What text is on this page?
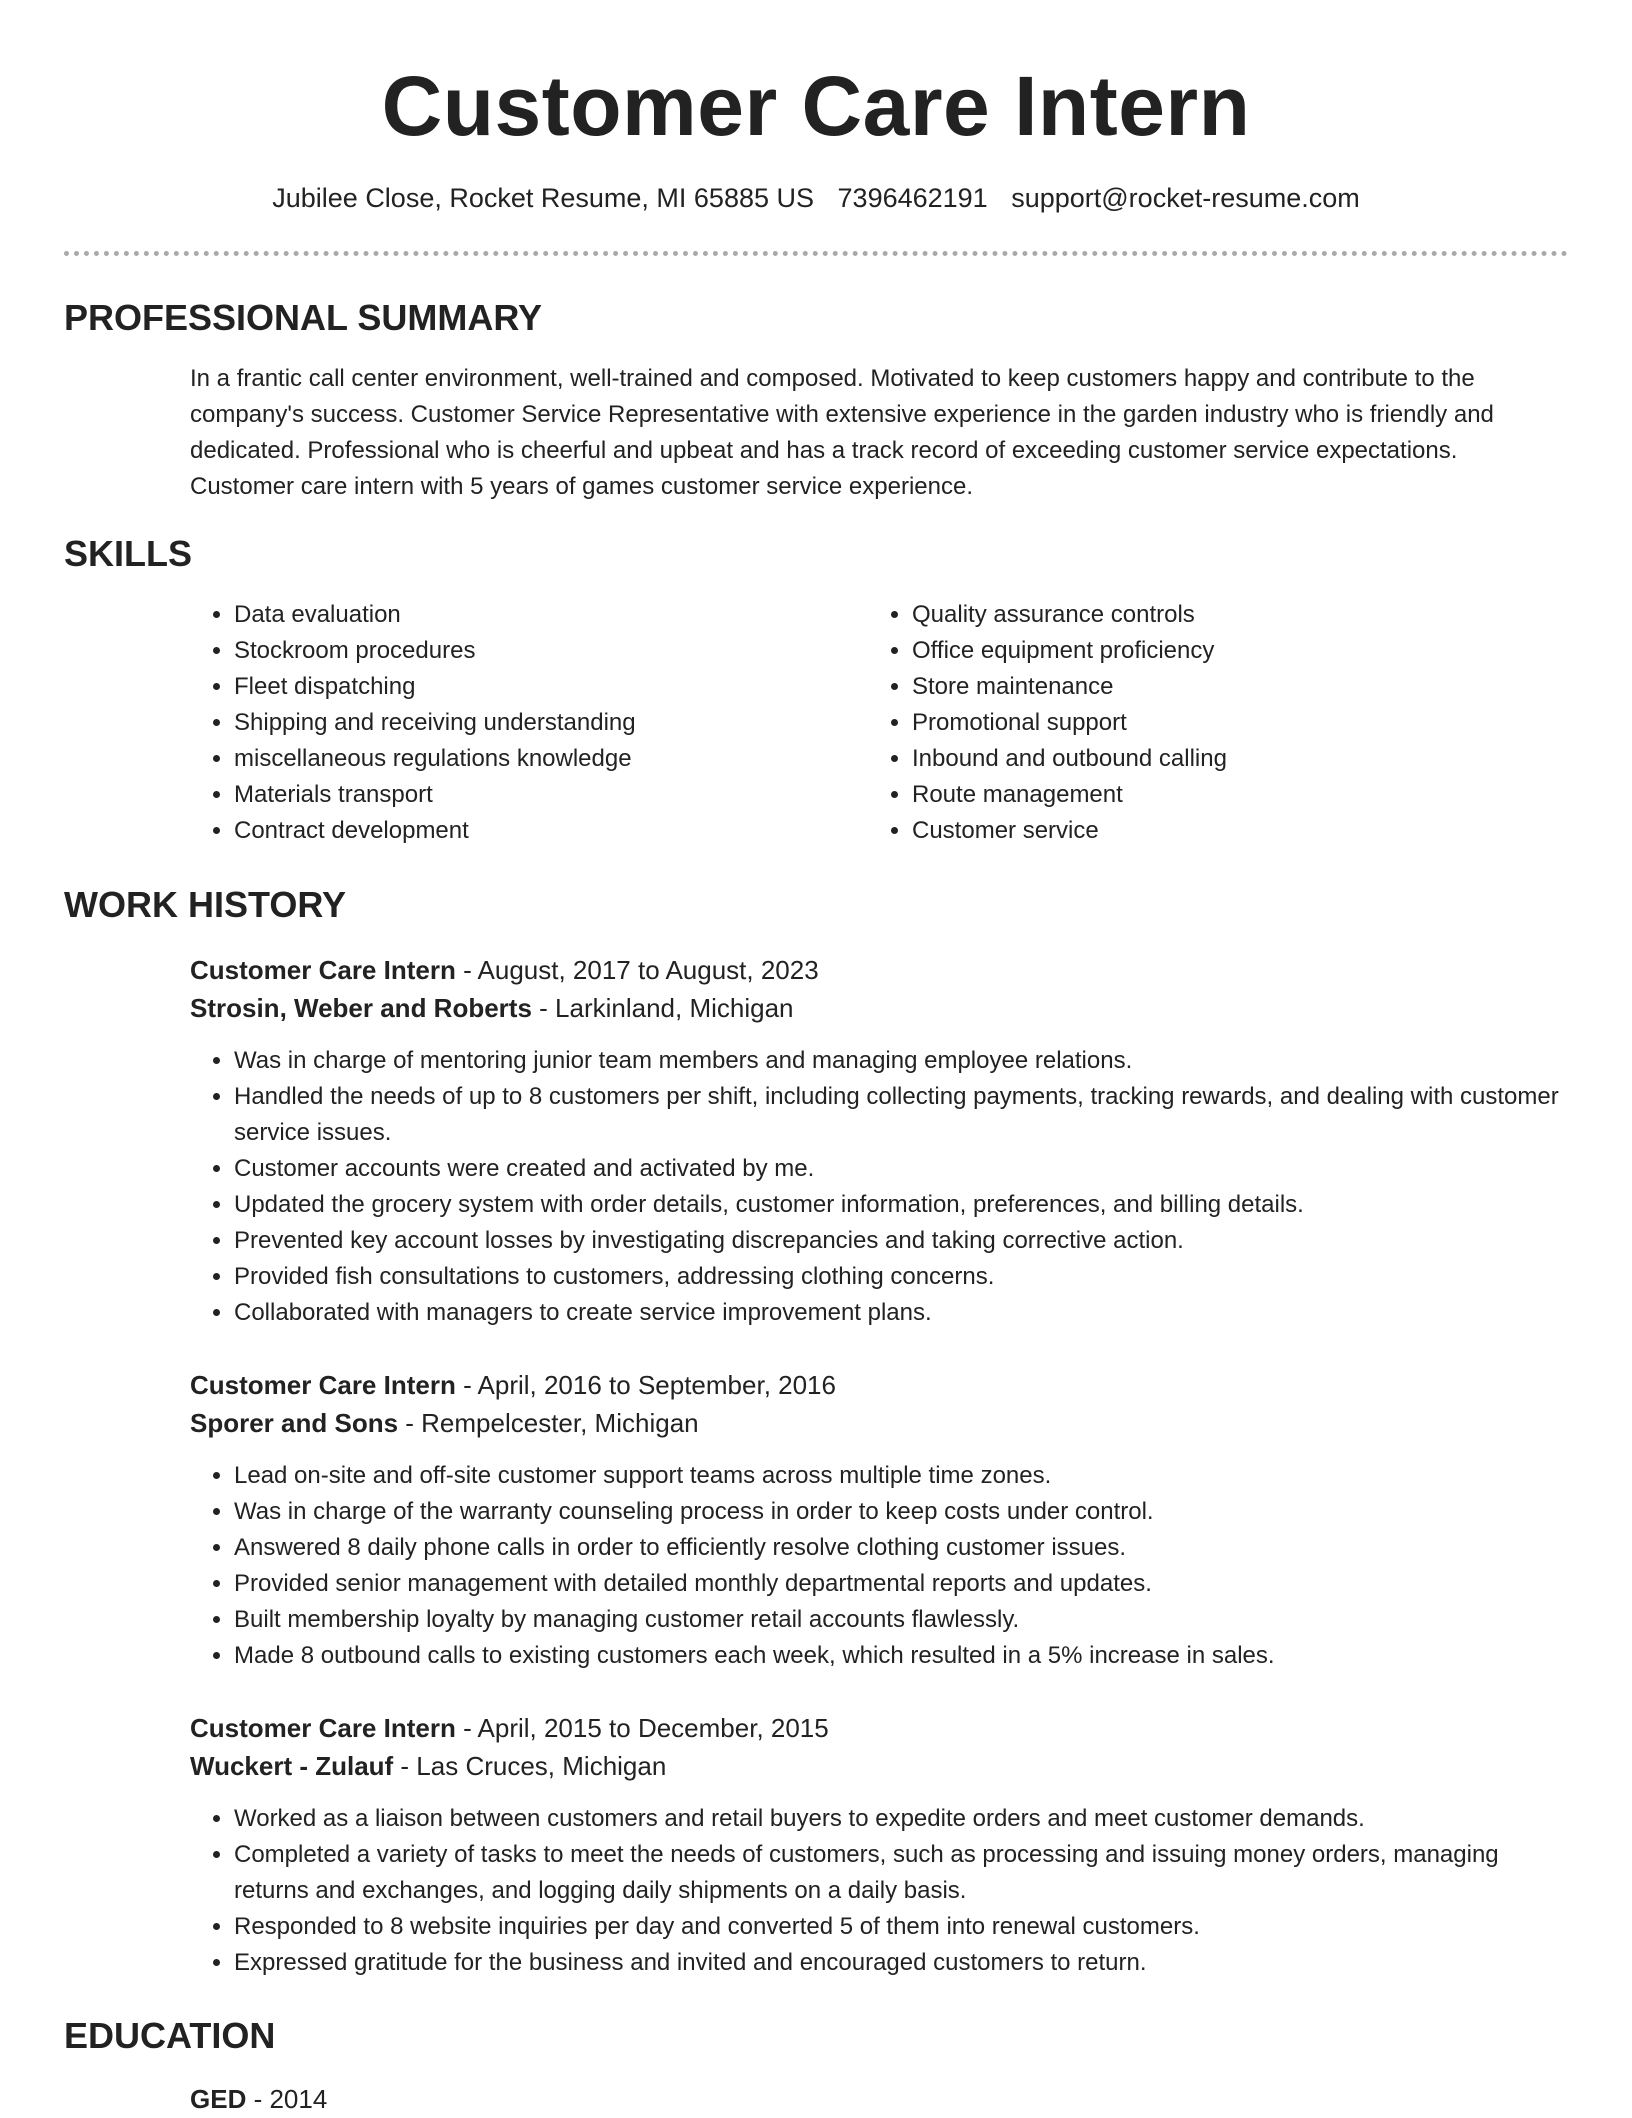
Customer Care Intern
Jubilee Close, Rocket Resume, MI 65885 US 7396462191 support@rocket-resume.com
PROFESSIONAL SUMMARY

In a frantic call center environment, well-trained and composed. Motivated to keep customers happy and contribute to the company's success. Customer Service Representative with extensive experience in the garden industry who is friendly and dedicated. Professional who is cheerful and upbeat and has a track record of exceeding customer service expectations. Customer care intern with 5 years of games customer service experience.

SKILLS
• Data evaluation
• Stockroom procedures
• Fleet dispatching
• Shipping and receiving understanding
• miscellaneous regulations knowledge
• Materials transport
• Contract development
• Quality assurance controls
• Office equipment proficiency
• Store maintenance
• Promotional support
• Inbound and outbound calling
• Route management
• Customer service
WORK HISTORY
Customer Care Intern - August, 2017 to August, 2023
Strosin, Weber and Roberts - Larkinland, Michigan
• Was in charge of mentoring junior team members and managing employee relations.
• Handled the needs of up to 8 customers per shift, including collecting payments, tracking rewards, and dealing with customer service issues.
• Customer accounts were created and activated by me.
• Updated the grocery system with order details, customer information, preferences, and billing details.
• Prevented key account losses by investigating discrepancies and taking corrective action.
• Provided fish consultations to customers, addressing clothing concerns.
• Collaborated with managers to create service improvement plans.
Customer Care Intern - April, 2016 to September, 2016
Sporer and Sons - Rempelcester, Michigan
• Lead on-site and off-site customer support teams across multiple time zones.
• Was in charge of the warranty counseling process in order to keep costs under control.
• Answered 8 daily phone calls in order to efficiently resolve clothing customer issues.
• Provided senior management with detailed monthly departmental reports and updates.
• Built membership loyalty by managing customer retail accounts flawlessly.
• Made 8 outbound calls to existing customers each week, which resulted in a 5% increase in sales.
Customer Care Intern - April, 2015 to December, 2015
Wuckert - Zulauf - Las Cruces, Michigan
• Worked as a liaison between customers and retail buyers to expedite orders and meet customer demands.
• Completed a variety of tasks to meet the needs of customers, such as processing and issuing money orders, managing returns and exchanges, and logging daily shipments on a daily basis.
• Responded to 8 website inquiries per day and converted 5 of them into renewal customers.
• Expressed gratitude for the business and invited and encouraged customers to return.
EDUCATION
GED - 2014
